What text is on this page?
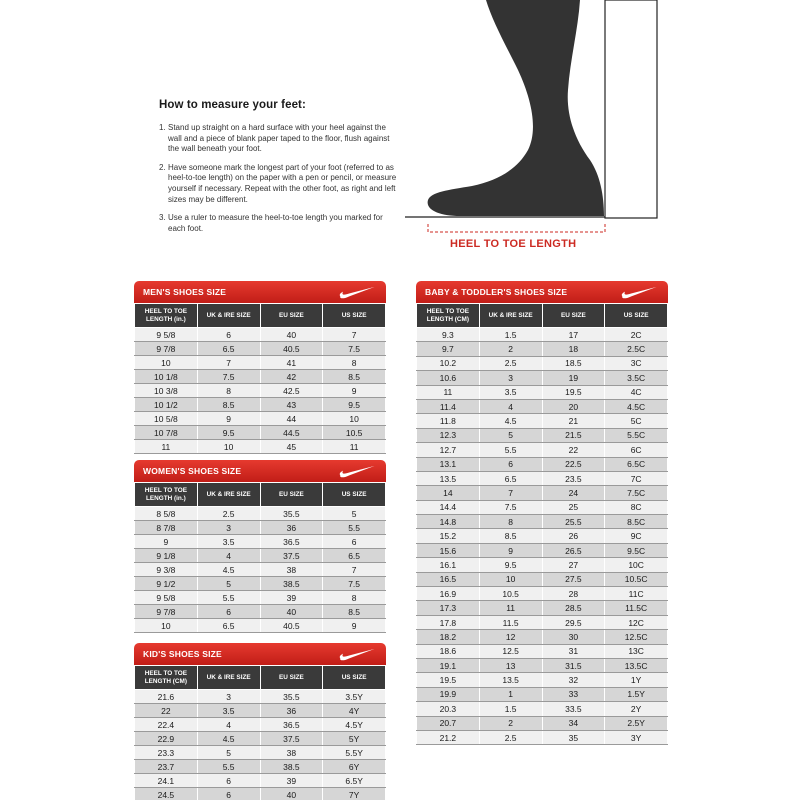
How to measure your feet:
1. Stand up straight on a hard surface with your heel against the wall and a piece of blank paper taped to the floor, flush against the wall beneath your foot.
2. Have someone mark the longest part of your foot (referred to as heel-to-toe length) on the paper with a pen or pencil, or measure yourself if necessary. Repeat with the other foot, as right and left sizes may be different.
3. Use a ruler to measure the heel-to-toe length you marked for each foot.
HEEL TO TOE LENGTH
MEN'S SHOES SIZE
HEEL TO TOE LENGTH (in.)	UK & IRE SIZE	EU SIZE	US SIZE
9 5/8	6	40	7
9 7/8	6.5	40.5	7.5
10	7	41	8
10 1/8	7.5	42	8.5
10 3/8	8	42.5	9
10 1/2	8.5	43	9.5
10 5/8	9	44	10
10 7/8	9.5	44.5	10.5
11	10	45	11
WOMEN'S SHOES SIZE
HEEL TO TOE LENGTH (in.)	UK & IRE SIZE	EU SIZE	US SIZE
8 5/8	2.5	35.5	5
8 7/8	3	36	5.5
9	3.5	36.5	6
9 1/8	4	37.5	6.5
9 3/8	4.5	38	7
9 1/2	5	38.5	7.5
9 5/8	5.5	39	8
9 7/8	6	40	8.5
10	6.5	40.5	9
KID'S SHOES SIZE
HEEL TO TOE LENGTH (CM)	UK & IRE SIZE	EU SIZE	US SIZE
21.6	3	35.5	3.5Y
22	3.5	36	4Y
22.4	4	36.5	4.5Y
22.9	4.5	37.5	5Y
23.3	5	38	5.5Y
23.7	5.5	38.5	6Y
24.1	6	39	6.5Y
24.5	6	40	7Y
BABY & TODDLER'S SHOES SIZE
HEEL TO TOE LENGTH (CM)	UK & IRE SIZE	EU SIZE	US SIZE
9.3	1.5	17	2C
9.7	2	18	2.5C
10.2	2.5	18.5	3C
10.6	3	19	3.5C
11	3.5	19.5	4C
11.4	4	20	4.5C
11.8	4.5	21	5C
12.3	5	21.5	5.5C
12.7	5.5	22	6C
13.1	6	22.5	6.5C
13.5	6.5	23.5	7C
14	7	24	7.5C
14.4	7.5	25	8C
14.8	8	25.5	8.5C
15.2	8.5	26	9C
15.6	9	26.5	9.5C
16.1	9.5	27	10C
16.5	10	27.5	10.5C
16.9	10.5	28	11C
17.3	11	28.5	11.5C
17.8	11.5	29.5	12C
18.2	12	30	12.5C
18.6	12.5	31	13C
19.1	13	31.5	13.5C
19.5	13.5	32	1Y
19.9	1	33	1.5Y
20.3	1.5	33.5	2Y
20.7	2	34	2.5Y
21.2	2.5	35	3Y
